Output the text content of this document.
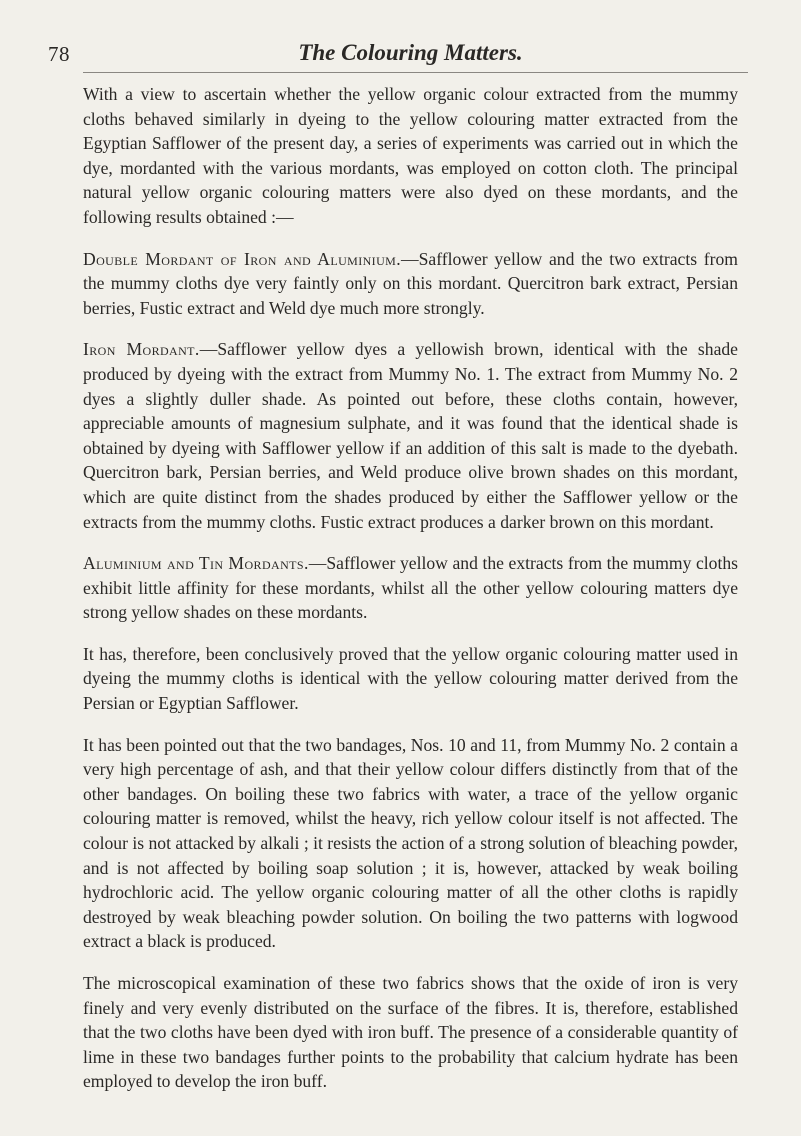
78	The Colouring Matters.

With a view to ascertain whether the yellow organic colour extracted from the mummy cloths behaved similarly in dyeing to the yellow colouring matter extracted from the Egyptian Safflower of the present day, a series of experiments was carried out in which the dye, mordanted with the various mordants, was employed on cotton cloth. The principal natural yellow organic colouring matters were also dyed on these mordants, and the following results obtained :—

Double Mordant of Iron and Aluminium.—Safflower yellow and the two extracts from the mummy cloths dye very faintly only on this mordant. Quercitron bark extract, Persian berries, Fustic extract and Weld dye much more strongly.

Iron Mordant.—Safflower yellow dyes a yellowish brown, identical with the shade produced by dyeing with the extract from Mummy No. 1. The extract from Mummy No. 2 dyes a slightly duller shade. As pointed out before, these cloths contain, however, appreciable amounts of magnesium sulphate, and it was found that the identical shade is obtained by dyeing with Safflower yellow if an addition of this salt is made to the dyebath. Quercitron bark, Persian berries, and Weld produce olive brown shades on this mordant, which are quite distinct from the shades produced by either the Safflower yellow or the extracts from the mummy cloths. Fustic extract produces a darker brown on this mordant.

Aluminium and Tin Mordants.—Safflower yellow and the extracts from the mummy cloths exhibit little affinity for these mordants, whilst all the other yellow colouring matters dye strong yellow shades on these mordants.

It has, therefore, been conclusively proved that the yellow organic colouring matter used in dyeing the mummy cloths is identical with the yellow colouring matter derived from the Persian or Egyptian Safflower.

It has been pointed out that the two bandages, Nos. 10 and 11, from Mummy No. 2 contain a very high percentage of ash, and that their yellow colour differs distinctly from that of the other bandages. On boiling these two fabrics with water, a trace of the yellow organic colouring matter is removed, whilst the heavy, rich yellow colour itself is not affected. The colour is not attacked by alkali ; it resists the action of a strong solution of bleaching powder, and is not affected by boiling soap solution ; it is, however, attacked by weak boiling hydrochloric acid. The yellow organic colouring matter of all the other cloths is rapidly destroyed by weak bleaching powder solution. On boiling the two patterns with logwood extract a black is produced.

The microscopical examination of these two fabrics shows that the oxide of iron is very finely and very evenly distributed on the surface of the fibres. It is, therefore, established that the two cloths have been dyed with iron buff. The presence of a considerable quantity of lime in these two bandages further points to the probability that calcium hydrate has been employed to develop the iron buff.
